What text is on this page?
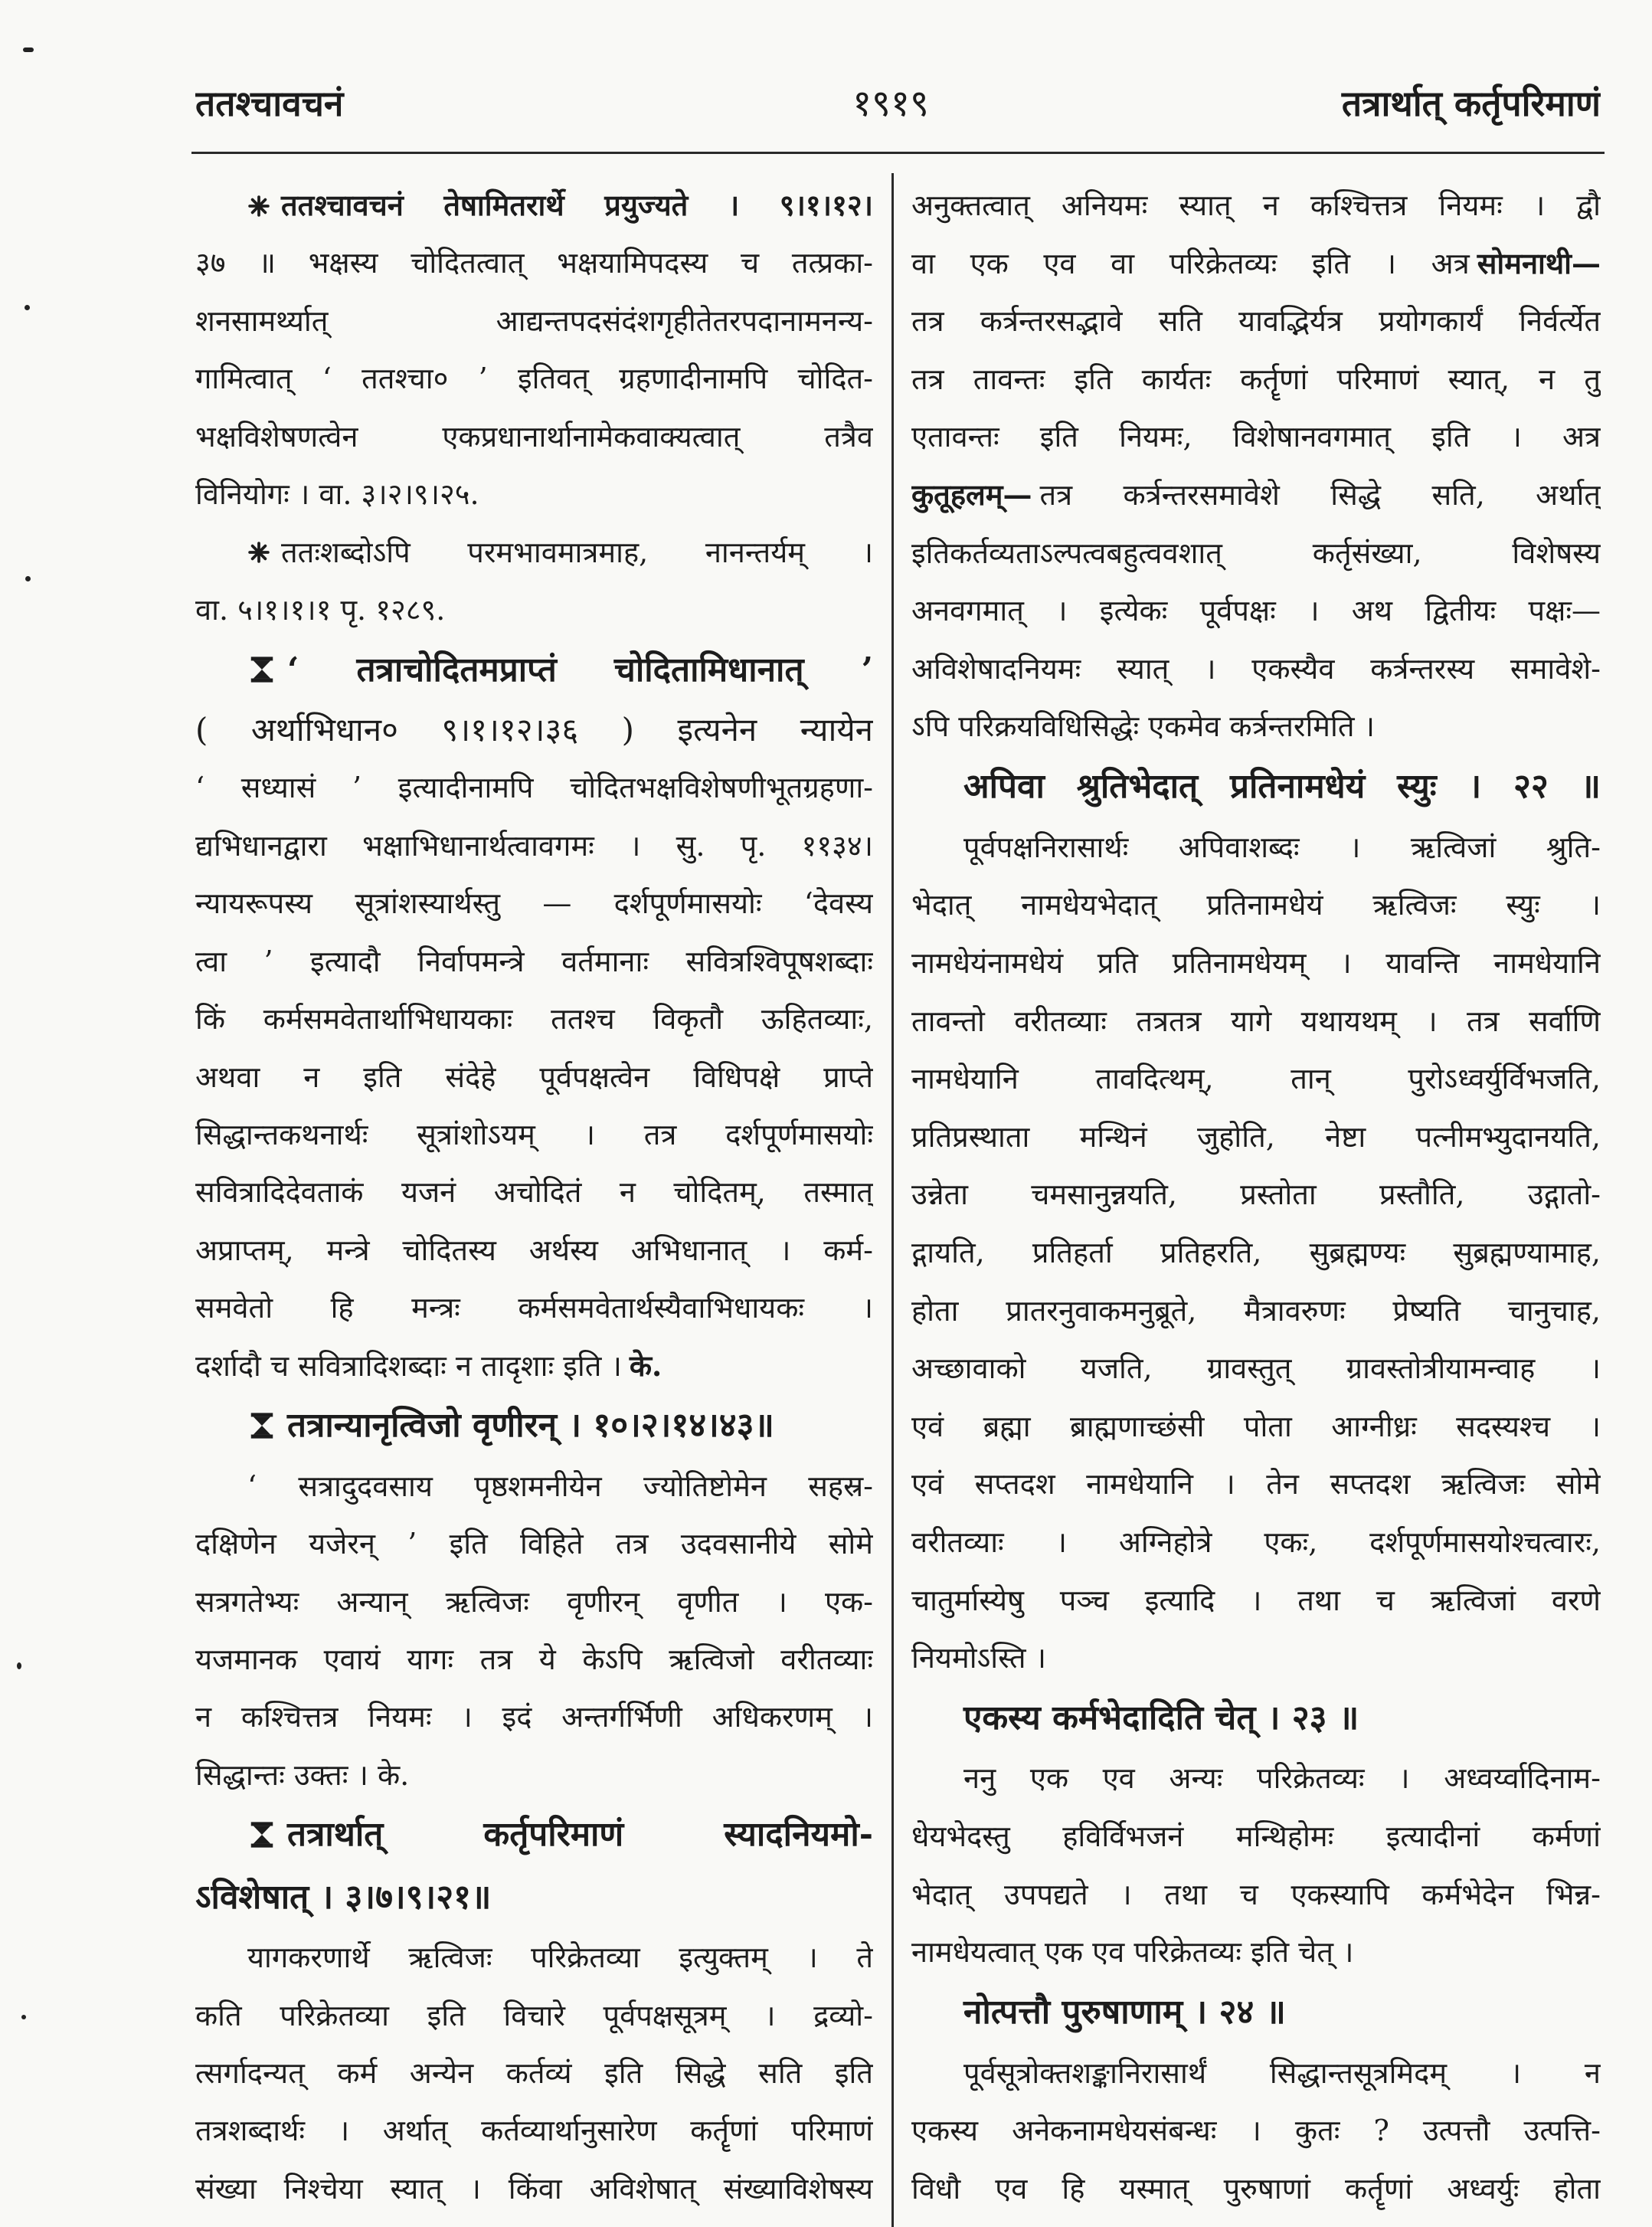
ततश्चावचनं	१९१९	तत्रार्थात् कर्तृपरिमाणं
ततश्चावचनं तेषामितरार्थे प्रयुज्यते । ९।१।१२।
३७ ॥ भक्षस्य चोदितत्वात् भक्षयामिपदस्य च तत्प्रका-
शनसामर्थ्यात् आद्यन्तपदसंदंशगृहीतेतरपदानामनन्य-
गामित्वात् ‘ ततश्चा० ’ इतिवत् ग्रहणादीनामपि चोदित-
भक्षविशेषणत्वेन एकप्रधानार्थानामेकवाक्यत्वात् तत्रैव
विनियोगः । वा. ३।२।९।२५.
ततःशब्दोऽपि परमभावमात्रमाह, नानन्तर्यम् ।
वा. ५।१।१।१ पृ. १२८९.
‘ तत्राचोदितमप्राप्तं चोदितामिधानात् ’
( अर्थाभिधान० ९।१।१२।३६ ) इत्यनेन न्यायेन
‘ सध्यासं ’ इत्यादीनामपि चोदितभक्षविशेषणीभूतग्रहणा-
द्यभिधानद्वारा भक्षाभिधानार्थत्वावगमः । सु. पृ. ११३४।
न्यायरूपस्य सूत्रांशस्यार्थस्तु — दर्शपूर्णमासयोः ‘देवस्य
त्वा ’ इत्यादौ निर्वापमन्त्रे वर्तमानाः सवित्रश्विपूषशब्दाः
किं कर्मसमवेतार्थाभिधायकाः ततश्च विकृतौ ऊहितव्याः,
अथवा न इति संदेहे पूर्वपक्षत्वेन विधिपक्षे प्राप्ते
सिद्धान्तकथनार्थः सूत्रांशोऽयम् । तत्र दर्शपूर्णमासयोः
सवित्रादिदेवताकं यजनं अचोदितं न चोदितम्, तस्मात्
अप्राप्तम्, मन्त्रे चोदितस्य अर्थस्य अभिधानात् । कर्म-
समवेतो हि मन्त्रः कर्मसमवेतार्थस्यैवाभिधायकः ।
दर्शादौ च सवित्रादिशब्दाः न तादृशाः इति । के.
तत्रान्यानृत्विजो वृणीरन् । १०।२।१४।४३॥
‘ सत्रादुदवसाय पृष्ठशमनीयेन ज्योतिष्टोमेन सहस्र-
दक्षिणेन यजेरन् ’ इति विहिते तत्र उदवसानीये सोमे
सत्रगतेभ्यः अन्यान् ऋत्विजः वृणीरन् वृणीत । एक-
यजमानक एवायं यागः तत्र ये केऽपि ऋत्विजो वरीतव्याः
न कश्चित्तत्र नियमः । इदं अन्तर्गर्भिणी अधिकरणम् ।
सिद्धान्तः उक्तः । के.
तत्रार्थात् कर्तृपरिमाणं स्यादनियमो-
ऽविशेषात् । ३।७।९।२१॥
यागकरणार्थे ऋत्विजः परिक्रेतव्या इत्युक्तम् । ते
कति परिक्रेतव्या इति विचारे पूर्वपक्षसूत्रम् । द्रव्यो-
त्सर्गादन्यत् कर्म अन्येन कर्तव्यं इति सिद्धे सति इति
तत्रशब्दार्थः । अर्थात् कर्तव्यार्थानुसारेण कर्तॄणां परिमाणं
संख्या निश्चेया स्यात् । किंवा अविशेषात् संख्याविशेषस्य
अनुक्तत्वात् अनियमः स्यात् न कश्चित्तत्र नियमः । द्वौ
वा एक एव वा परिक्रेतव्यः इति । अत्र सोमनाथी—
तत्र कर्त्रन्तरसद्भावे सति यावद्भिर्यत्र प्रयोगकार्यं निर्वर्त्येत
तत्र तावन्तः इति कार्यतः कर्तॄणां परिमाणं स्यात्, न तु
एतावन्तः इति नियमः, विशेषानवगमात् इति । अत्र
कुतूहलम्— तत्र कर्त्रन्तरसमावेशे सिद्धे सति, अर्थात्
इतिकर्तव्यताऽल्पत्वबहुत्ववशात् कर्तृसंख्या, विशेषस्य
अनवगमात् । इत्येकः पूर्वपक्षः । अथ द्वितीयः पक्षः—
अविशेषादनियमः स्यात् । एकस्यैव कर्त्रन्तरस्य समावेशे-
ऽपि परिक्रयविधिसिद्धेः एकमेव कर्त्रन्तरमिति ।
अपिवा श्रुतिभेदात् प्रतिनामधेयं स्युः । २२ ॥
पूर्वपक्षनिरासार्थः अपिवाशब्दः । ऋत्विजां श्रुति-
भेदात् नामधेयभेदात् प्रतिनामधेयं ऋत्विजः स्युः ।
नामधेयंनामधेयं प्रति प्रतिनामधेयम् । यावन्ति नामधेयानि
तावन्तो वरीतव्याः तत्रतत्र यागे यथायथम् । तत्र सर्वाणि
नामधेयानि तावदित्थम्, तान् पुरोऽध्वर्युर्विभजति,
प्रतिप्रस्थाता मन्थिनं जुहोति, नेष्टा पत्नीमभ्युदानयति,
उन्नेता चमसानुन्नयति, प्रस्तोता प्रस्तौति, उद्गातो-
द्गायति, प्रतिहर्ता प्रतिहरति, सुब्रह्मण्यः सुब्रह्मण्यामाह,
होता प्रातरनुवाकमनुब्रूते, मैत्रावरुणः प्रेष्यति चानुचाह,
अच्छावाको यजति, ग्रावस्तुत् ग्रावस्तोत्रीयामन्वाह ।
एवं ब्रह्मा ब्राह्मणाच्छंसी पोता आग्नीध्रः सदस्यश्च ।
एवं सप्तदश नामधेयानि । तेन सप्तदश ऋत्विजः सोमे
वरीतव्याः । अग्निहोत्रे एकः, दर्शपूर्णमासयोश्चत्वारः,
चातुर्मास्येषु पञ्च इत्यादि । तथा च ऋत्विजां वरणे
नियमोऽस्ति ।
एकस्य कर्मभेदादिति चेत् । २३ ॥
ननु एक एव अन्यः परिक्रेतव्यः । अध्वर्य्वादिनाम-
धेयभेदस्तु हविर्विभजनं मन्थिहोमः इत्यादीनां कर्मणां
भेदात् उपपद्यते । तथा च एकस्यापि कर्मभेदेन भिन्न-
नामधेयत्वात् एक एव परिक्रेतव्यः इति चेत् ।
नोत्पत्तौ पुरुषाणाम् । २४ ॥
पूर्वसूत्रोक्तशङ्कानिरासार्थं सिद्धान्तसूत्रमिदम् । न
एकस्य अनेकनामधेयसंबन्धः । कुतः ? उत्पत्तौ उत्पत्ति-
विधौ एव हि यस्मात् पुरुषाणां कर्तॄणां अध्वर्युः होता
